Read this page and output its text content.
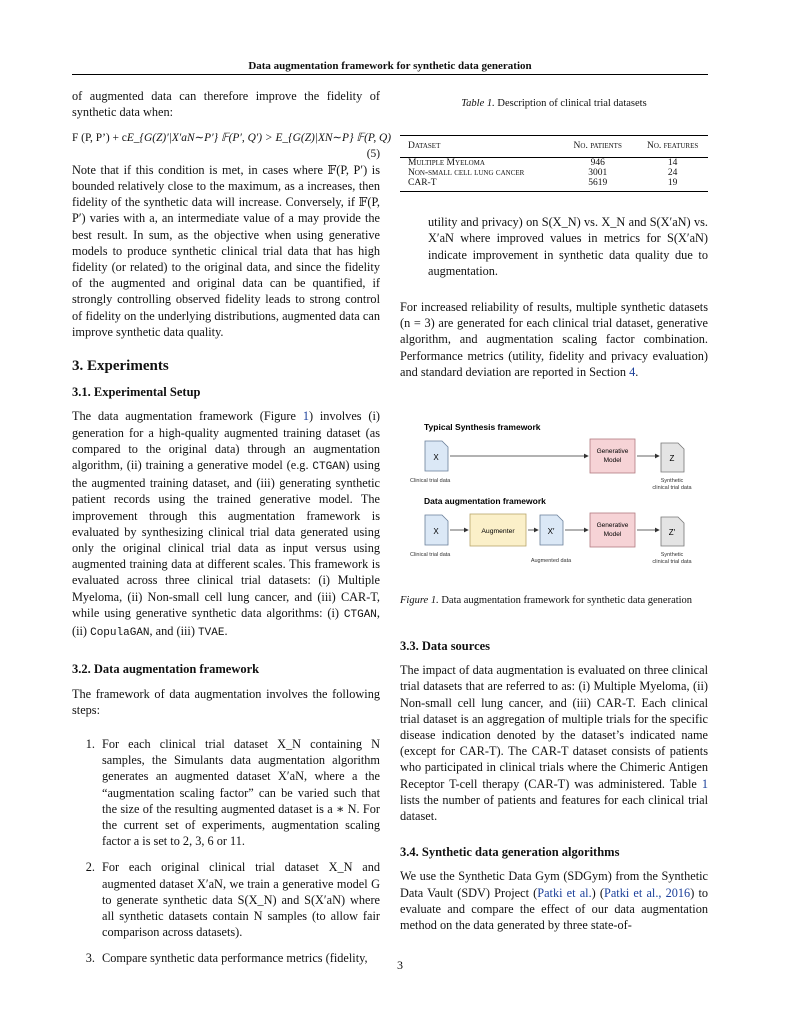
Data augmentation framework for synthetic data generation

of augmented data can therefore improve the fidelity of synthetic data when:

F (P, P’) + c E_{G(Z)′|X′aN∼P′} 𝔽(P′, Q′) > E_{G(Z)|XN∼P} 𝔽(P, Q)
(5)

Note that if this condition is met, in cases where 𝔽(P, P′) is bounded relatively close to the maximum, as a increases, then fidelity of the synthetic data will increase. Conversely, if 𝔽(P, P′) varies with a, an intermediate value of a may provide the best result. In sum, as the objective when using generative models to produce synthetic clinical trial data that has high fidelity (or related) to the original data, and since the fidelity of the augmented and original data can be quantified, if strongly controlling observed fidelity leads to strong control of fidelity on the underlying distributions, augmented data can improve synthetic data quality.

3. Experiments
3.1. Experimental Setup

The data augmentation framework (Figure 1) involves (i) generation for a high-quality augmented training dataset (as compared to the original data) through an augmentation algorithm, (ii) training a generative model (e.g. CTGAN) using the augmented training dataset, and (iii) generating synthetic patient records using the trained generative model. The improvement through this augmentation framework is evaluated by synthesizing clinical trial data generated using only the original clinical trial data as input versus using augmented training data at different scales. This framework is evaluated across three clinical trial datasets: (i) Multiple Myeloma, (ii) Non-small cell lung cancer, and (iii) CAR-T, while using generative synthetic data algorithms: (i) CTGAN, (ii) CopulaGAN, and (iii) TVAE.

3.2. Data augmentation framework

The framework of data augmentation involves the following steps:

1. For each clinical trial dataset X_N containing N samples, the Simulants data augmentation algorithm generates an augmented dataset X′aN, where a the “augmentation scaling factor” can be varied such that the size of the resulting augmented dataset is a ∗ N. For the current set of experiments, augmentation scaling factor a is set to 2, 3, 6 or 11.
2. For each original clinical trial dataset X_N and augmented dataset X′aN, we train a generative model G to generate synthetic data S(X_N) and S(X′aN) where all synthetic datasets contain N samples (to allow fair comparison across datasets).
3. Compare synthetic data performance metrics (fidelity,
Table 1. Description of clinical trial datasets
Dataset	No. patients	No. features
Multiple Myeloma	946	14
Non-small cell lung cancer	3001	24
CAR-T	5619	19

utility and privacy) on S(X_N) vs. X_N and S(X′aN) vs. X′aN where improved values in metrics for S(X′aN) indicate improvement in synthetic data quality due to augmentation.

For increased reliability of results, multiple synthetic datasets (n = 3) are generated for each clinical trial dataset, generative algorithm, and augmentation scaling factor combination. Performance metrics (utility, fidelity and privacy evaluation) and standard deviation are reported in Section 4.

Typical Synthesis framework
X
Clinical trial data
Generative
Model	Z
Synthetic
clinical trial data
Data augmentation framework
X
Clinical trial data
Augmenter	X′
Augmented data
Generative
Model	Z′
Synthetic
clinical trial data
Figure 1. Data augmentation framework for synthetic data generation
3.3. Data sources

The impact of data augmentation is evaluated on three clinical trial datasets that are referred to as: (i) Multiple Myeloma, (ii) Non-small cell lung cancer, and (iii) CAR-T. Each clinical trial dataset is an aggregation of multiple trials for the specific disease indication denoted by the dataset’s indicated name (except for CAR-T). The CAR-T dataset consists of patients who participated in clinical trials where the Chimeric Antigen Receptor T-cell therapy (CAR-T) was administered. Table 1 lists the number of patients and features for each clinical trial dataset.

3.4. Synthetic data generation algorithms

We use the Synthetic Data Gym (SDGym) from the Synthetic Data Vault (SDV) Project (Patki et al.) (Patki et al., 2016) to evaluate and compare the effect of our data augmentation method on the data generated by three state-of-

3
